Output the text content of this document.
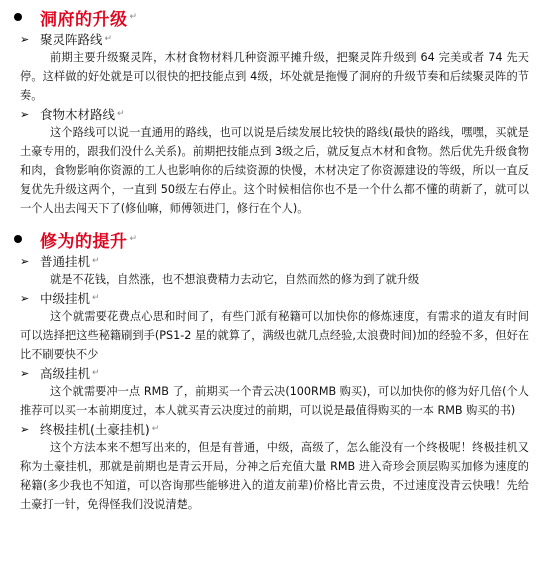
洞府的升级 ↵
➢ 聚灵阵路线 ↵

前期主要升级聚灵阵，木材食物材料几种资源平摊升级，把聚灵阵升级到 64 完美或者 74 先天停。这样做的好处就是可以很快的把技能点到 4级，坏处就是拖慢了洞府的升级节奏和后续聚灵阵的节奏。

➢ 食物木材路线 ↵

这个路线可以说一直通用的路线，也可以说是后续发展比较快的路线(最快的路线，嘿嘿，买就是土豪专用的，跟我们没什么关系)。前期把技能点到 3级之后，就反复点木材和食物。然后优先升级食物和肉，食物影响你资源的工人也影响你的后续资源的快慢，木材决定了你资源建设的等级，所以一直反复优先升级这两个，一直到 50级左右停止。这个时候相信你也不是一个什么都不懂的萌新了，就可以一个人出去闯天下了(修仙嘛，师傅领进门，修行在个人)。

修为的提升 ↵
➢ 普通挂机 ↵

就是不花钱，自然涨，也不想浪费精力去动它，自然而然的修为到了就升级

➢ 中级挂机 ↵

这个就需要花费点心思和时间了，有些门派有秘籍可以加快你的修炼速度，有需求的道友有时间可以选择把这些秘籍刷到手(PS1-2 星的就算了，满级也就几点经验,太浪费时间)加的经验不多，但好在比不刷要快不少

➢ 高级挂机 ↵

这个就需要冲一点 RMB 了，前期买一个青云决(100RMB 购买)，可以加快你的修为好几倍(个人推荐可以买一本前期度过，本人就买青云决度过的前期，可以说是最值得购买的一本 RMB 购买的书)

➢ 终极挂机(土豪挂机) ↵

这个方法本来不想写出来的，但是有普通，中级，高级了，怎么能没有一个终极呢！终极挂机又称为土豪挂机，那就是前期也是青云开局，分神之后充值大量 RMB 进入奇珍会顶层购买加修为速度的秘籍(多少我也不知道，可以咨询那些能够进入的道友前辈)价格比青云贵，不过速度没青云快哦！先给土豪打一针，免得怪我们没说清楚。
